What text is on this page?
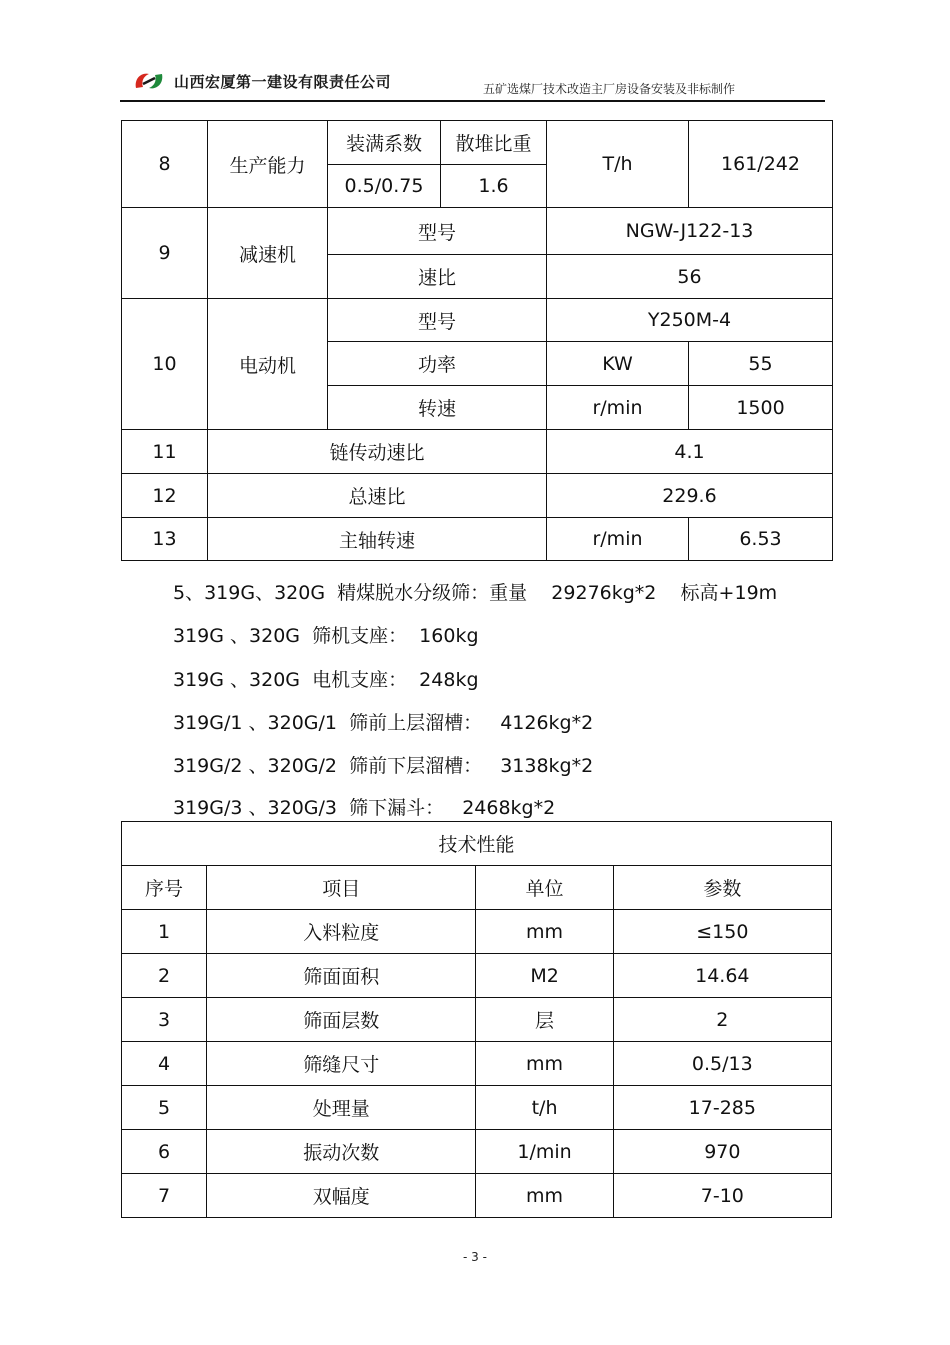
山西宏厦第一建设有限责任公司	五矿选煤厂技术改造主厂房设备安装及非标制作
8	生产能力	装满系数	散堆比重	T/h	161/242
		0.5/0.75	1.6		
9	减速机	型号		NGW-J122-13	
		速比		56	
10	电动机	型号		Y250M-4	
		功率		KW	55
		转速		r/min	1500
11	链传动速比			4.1	
12	总速比			229.6	
13	主轴转速			r/min	6.53
5、319G、320G  精煤脱水分级筛：重量    29276kg*2    标高+19m
319G 、320G  筛机支座：  160kg
319G 、320G  电机支座：  248kg
319G/1 、320G/1  筛前上层溜槽：   4126kg*2
319G/2 、320G/2  筛前下层溜槽：   3138kg*2
319G/3 、320G/3  筛下漏斗：   2468kg*2
技术性能			
序号	项目	单位	参数
1	入料粒度	mm	≤150
2	筛面面积	M2	14.64
3	筛面层数	层	2
4	筛缝尺寸	mm	0.5/13
5	处理量	t/h	17-285
6	振动次数	1/min	970
7	双幅度	mm	7-10
- 3 -
